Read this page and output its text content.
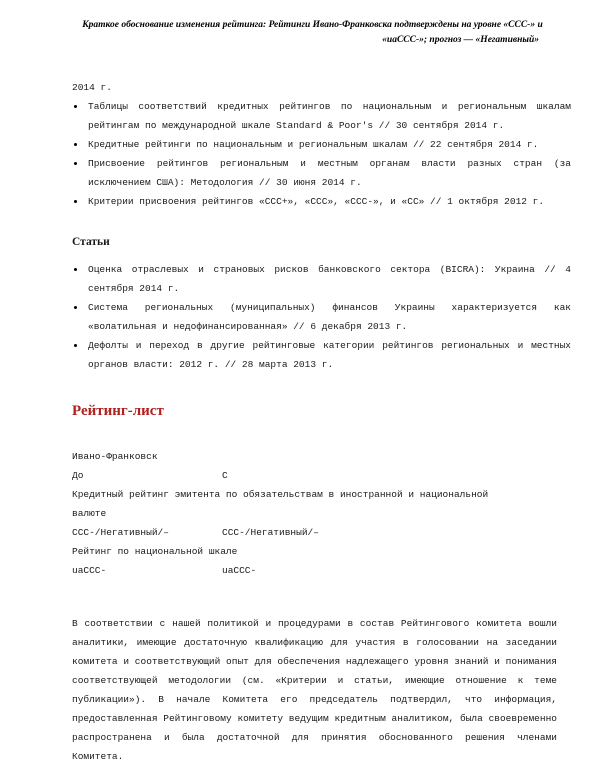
Краткое обоснование изменения рейтинга: Рейтинги Ивано-Франковска подтверждены на уровне «CCC-» и
«uaCCC-»; прогноз — «Негативный»
2014 г.
Таблицы соответствий кредитных рейтингов по национальным и региональным шкалам рейтингам по международной шкале Standard & Poor's // 30 сентября 2014 г.
Кредитные рейтинги по национальным и региональным шкалам // 22 сентября 2014 г.
Присвоение рейтингов региональным и местным органам власти разных стран (за исключением США): Методология // 30 июня 2014 г.
Критерии присвоения рейтингов «CCC+», «CCC», «CCC-», и «CC» // 1 октября 2012 г.
Статьи
Оценка отраслевых и страновых рисков банковского сектора (BICRA): Украина // 4 сентября 2014 г.
Система региональных (муниципальных) финансов Украины характеризуется как «волатильная и недофинансированная» // 6 декабря 2013 г.
Дефолты и переход в другие рейтинговые категории рейтингов региональных и местных органов власти: 2012 г. // 28 марта 2013 г.
Рейтинг-лист
Ивано-Франковск
До	C
Кредитный рейтинг эмитента по обязательствам в иностранной и национальной
валюте
CCC-/Негативный/–	CCC-/Негативный/–
Рейтинг по национальной шкале
uaCCC-	uaCCC-
В соответствии с нашей политикой и процедурами в состав Рейтингового комитета вошли аналитики, имеющие достаточную квалификацию для участия в голосовании на заседании комитета и соответствующий опыт для обеспечения надлежащего уровня знаний и понимания соответствующей методологии (см. «Критерии и статьи, имеющие отношение к теме публикации»). В начале Комитета его председатель подтвердил, что информация, предоставленная Рейтинговому комитету ведущим кредитным аналитиком, была своевременно распространена и была достаточной для принятия обоснованного решения членами Комитета.
